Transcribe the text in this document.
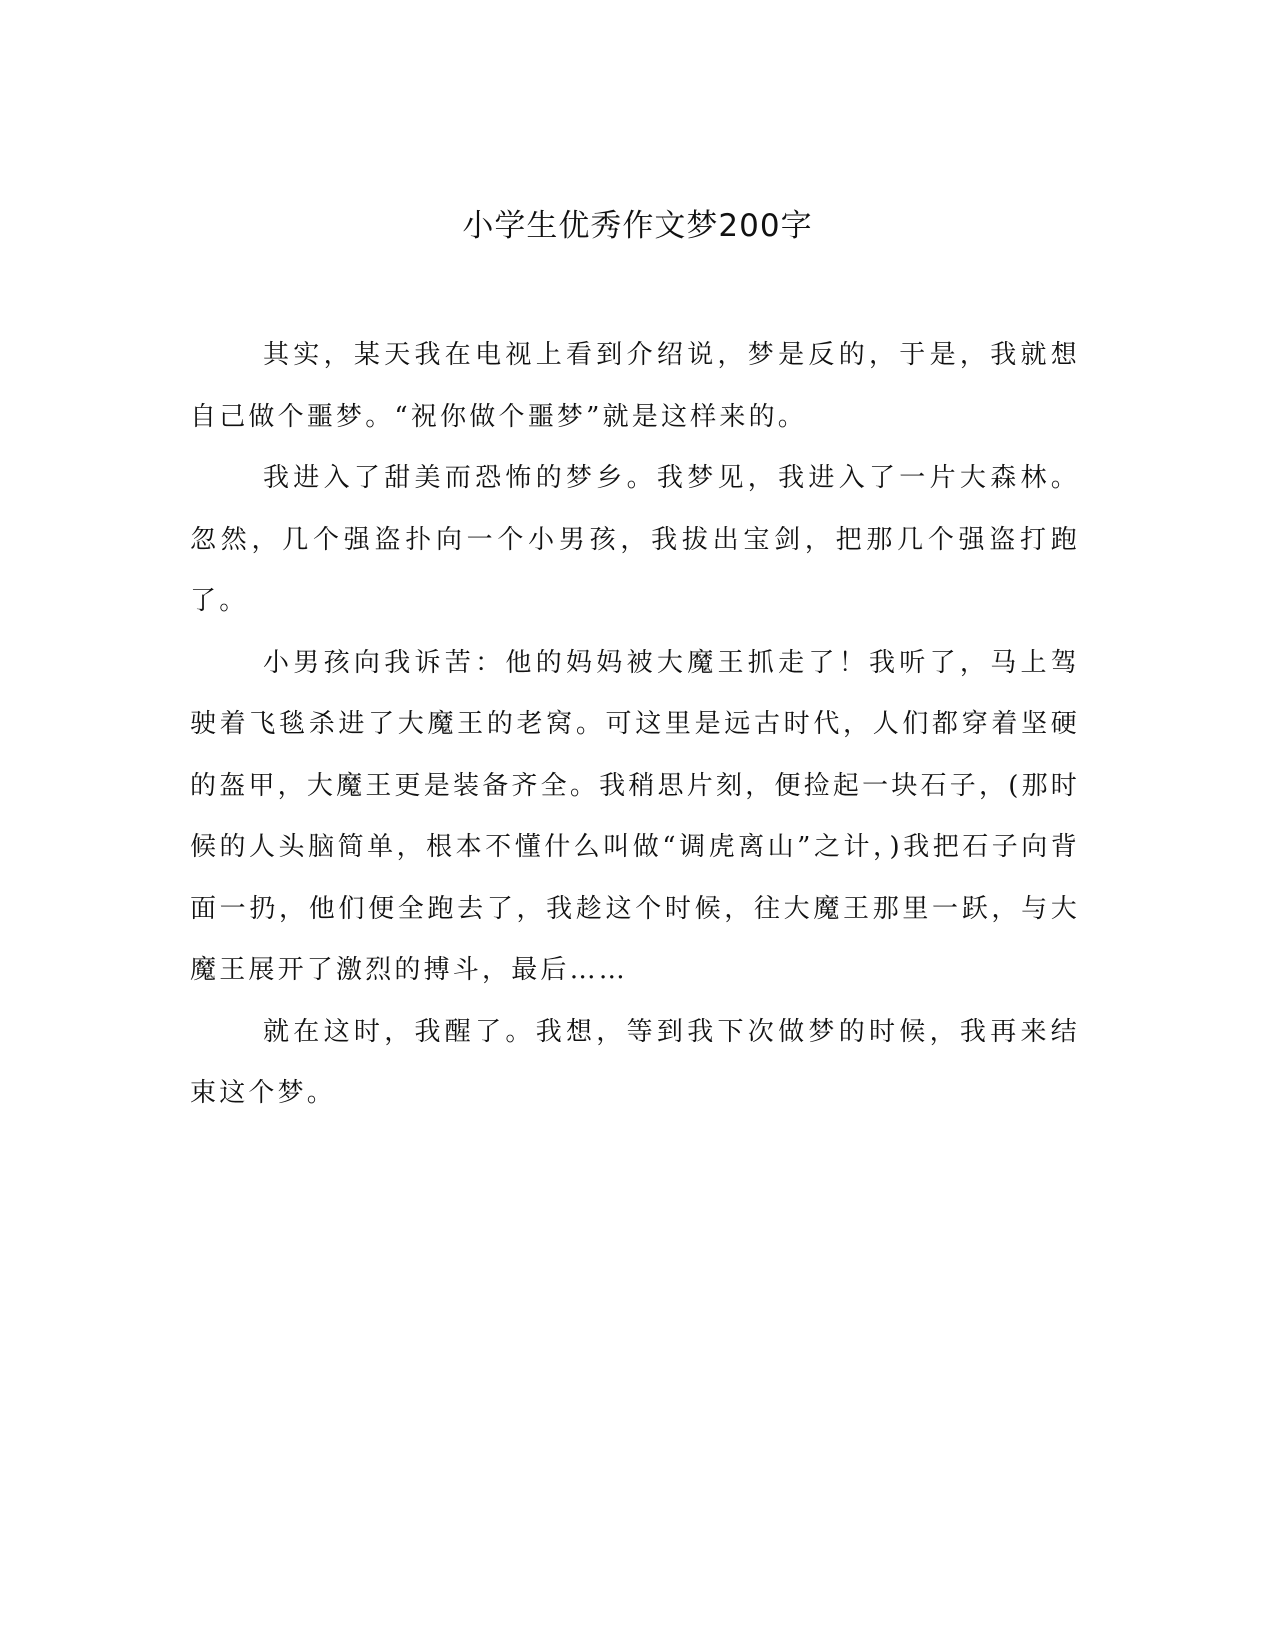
小学生优秀作文梦200字

其实，某天我在电视上看到介绍说，梦是反的，于是，我就想自己做个噩梦。“祝你做个噩梦”就是这样来的。

我进入了甜美而恐怖的梦乡。我梦见，我进入了一片大森林。忽然，几个强盗扑向一个小男孩，我拔出宝剑，把那几个强盗打跑了。

小男孩向我诉苦：他的妈妈被大魔王抓走了！我听了，马上驾驶着飞毯杀进了大魔王的老窝。可这里是远古时代，人们都穿着坚硬的盔甲，大魔王更是装备齐全。我稍思片刻，便捡起一块石子，(那时候的人头脑简单，根本不懂什么叫做“调虎离山”之计，)我把石子向背面一扔，他们便全跑去了，我趁这个时候，往大魔王那里一跃，与大魔王展开了激烈的搏斗，最后……

就在这时，我醒了。我想，等到我下次做梦的时候，我再来结束这个梦。
